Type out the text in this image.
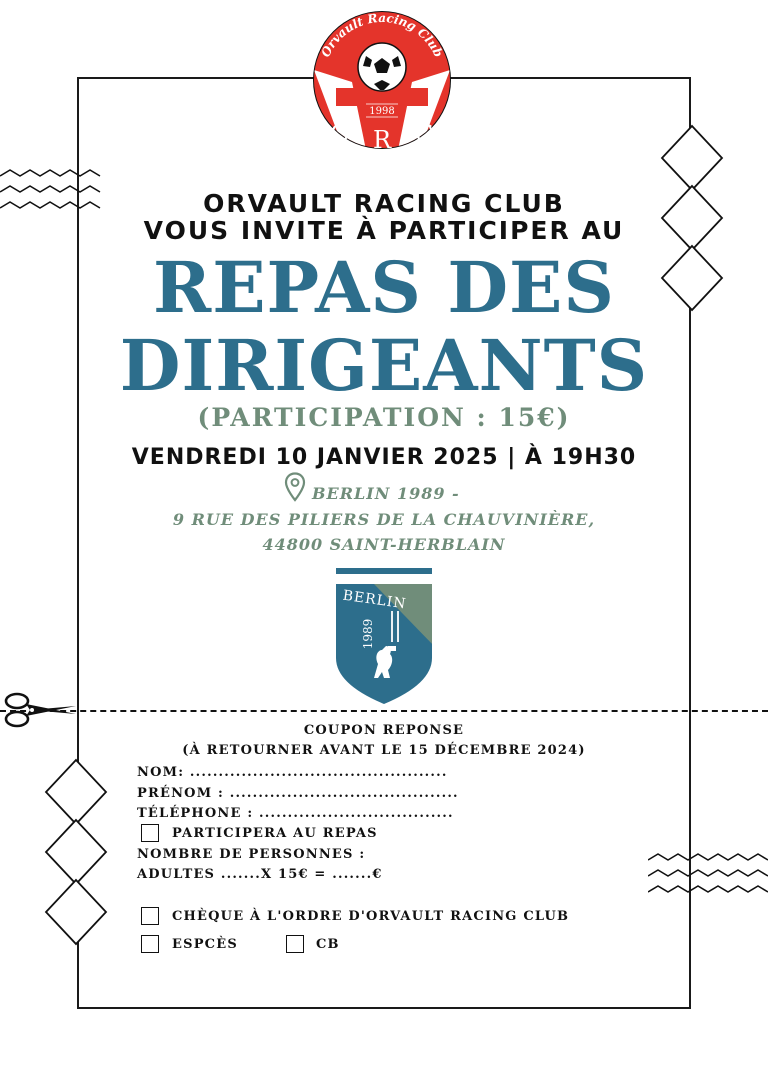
Orvault Racing Club
1998
O R C
ORVAULT RACING CLUB
VOUS INVITE À PARTICIPER AU
REPAS DES
DIRIGEANTS
(PARTICIPATION : 15€)
VENDREDI 10 JANVIER 2025 | À 19H30
BERLIN 1989 -
9 RUE DES PILIERS DE LA CHAUVINIÈRE,
44800 SAINT-HERBLAIN
BERLIN
1989
COUPON REPONSE
(À RETOURNER AVANT LE 15 DÉCEMBRE 2024)
NOM: .............................................
PRÉNOM : ........................................
TÉLÉPHONE : ..................................
PARTICIPERA AU REPAS
NOMBRE DE PERSONNES :
ADULTES .......X 15€ = .......€
CHÈQUE À L'ORDRE D'ORVAULT RACING CLUB
ESPCÈS	CB
